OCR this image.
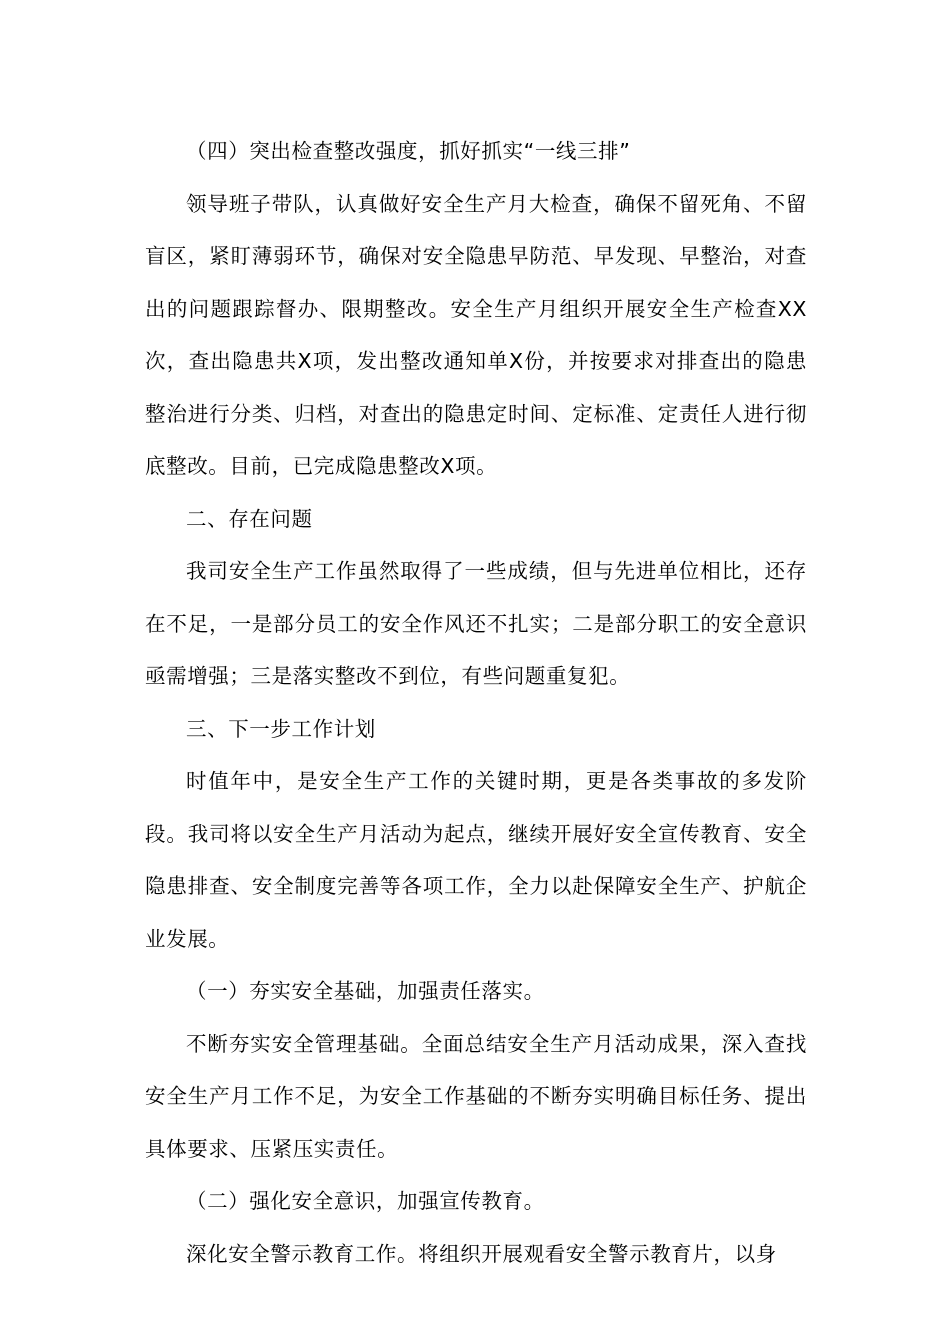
（四）突出检查整改强度，抓好抓实“一线三排”

领导班子带队，认真做好安全生产月大检查，确保不留死角、不留盲区，紧盯薄弱环节，确保对安全隐患早防范、早发现、早整治，对查出的问题跟踪督办、限期整改。安全生产月组织开展安全生产检查XX次，查出隐患共X项，发出整改通知单X份，并按要求对排查出的隐患整治进行分类、归档，对查出的隐患定时间、定标准、定责任人进行彻底整改。目前，已完成隐患整改X项。

二、存在问题

我司安全生产工作虽然取得了一些成绩，但与先进单位相比，还存在不足，一是部分员工的安全作风还不扎实；二是部分职工的安全意识亟需增强；三是落实整改不到位，有些问题重复犯。

三、下一步工作计划

时值年中，是安全生产工作的关键时期，更是各类事故的多发阶段。我司将以安全生产月活动为起点，继续开展好安全宣传教育、安全隐患排查、安全制度完善等各项工作，全力以赴保障安全生产、护航企业发展。

（一）夯实安全基础，加强责任落实。

不断夯实安全管理基础。全面总结安全生产月活动成果，深入查找安全生产月工作不足，为安全工作基础的不断夯实明确目标任务、提出具体要求、压紧压实责任。

（二）强化安全意识，加强宣传教育。

深化安全警示教育工作。将组织开展观看安全警示教育片，以身
